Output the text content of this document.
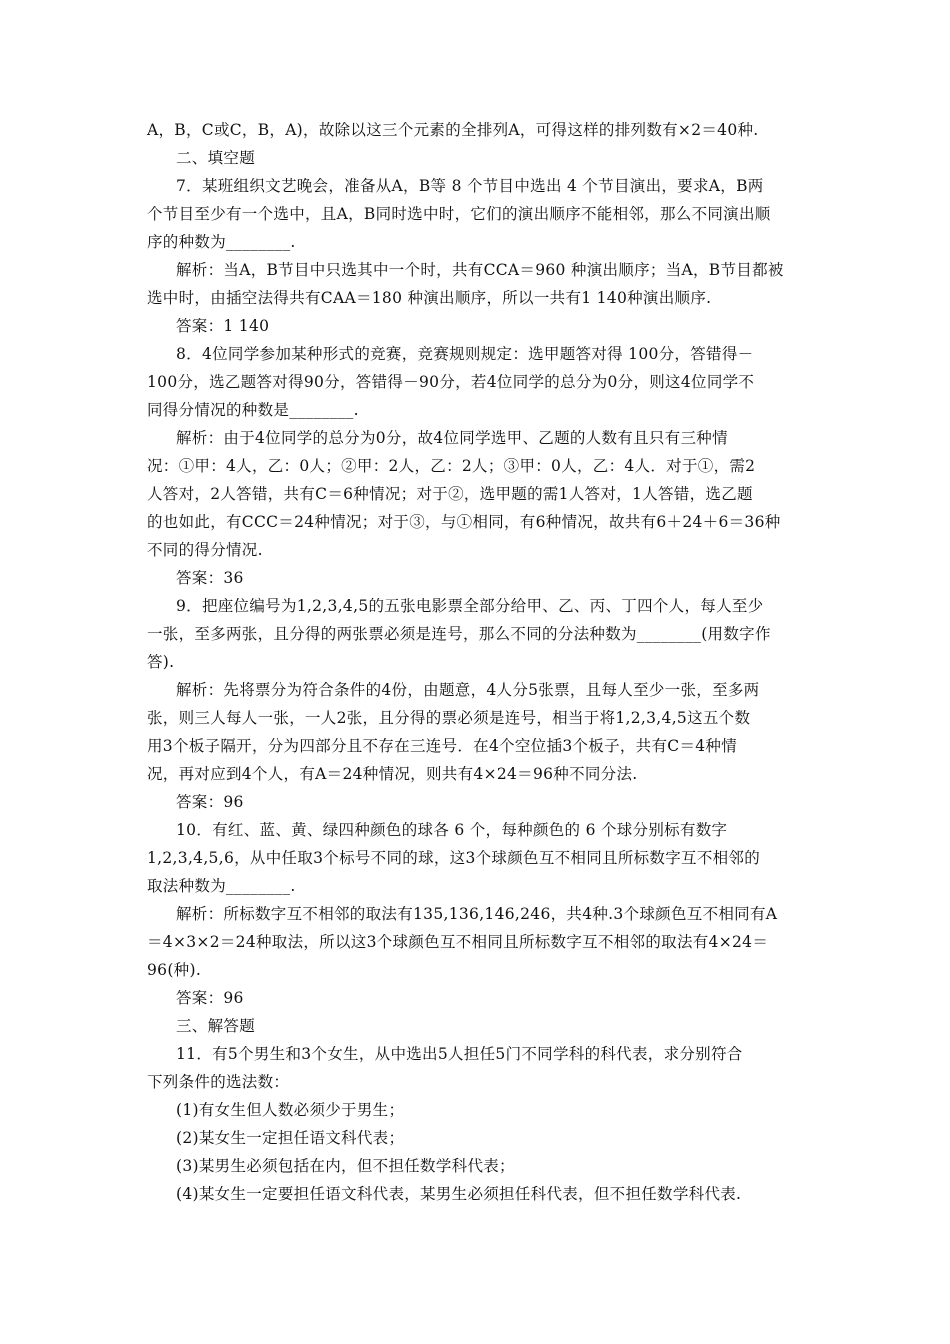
A，B，C或C，B，A)，故除以这三个元素的全排列A，可得这样的排列数有×2＝40种.
二、填空题
7．某班组织文艺晚会，准备从A，B等 8 个节目中选出 4 个节目演出，要求A，B两
个节目至少有一个选中，且A，B同时选中时，它们的演出顺序不能相邻，那么不同演出顺
序的种数为________.
解析：当A，B节目中只选其中一个时，共有CCA＝960 种演出顺序；当A，B节目都被
选中时，由插空法得共有CAA＝180 种演出顺序，所以一共有1 140种演出顺序.
答案：1 140
8．4位同学参加某种形式的竞赛，竞赛规则规定：选甲题答对得 100分，答错得－
100分，选乙题答对得90分，答错得－90分，若4位同学的总分为0分，则这4位同学不
同得分情况的种数是________.
解析：由于4位同学的总分为0分，故4位同学选甲、乙题的人数有且只有三种情
况：①甲：4人，乙：0人；②甲：2人，乙：2人；③甲：0人，乙：4人．对于①，需2
人答对，2人答错，共有C＝6种情况；对于②，选甲题的需1人答对，1人答错，选乙题
的也如此，有CCC＝24种情况；对于③，与①相同，有6种情况，故共有6＋24＋6＝36种
不同的得分情况.
答案：36
9．把座位编号为1,2,3,4,5的五张电影票全部分给甲、乙、丙、丁四个人，每人至少
一张，至多两张，且分得的两张票必须是连号，那么不同的分法种数为________(用数字作
答).
解析：先将票分为符合条件的4份，由题意，4人分5张票，且每人至少一张，至多两
张，则三人每人一张，一人2张，且分得的票必须是连号，相当于将1,2,3,4,5这五个数
用3个板子隔开，分为四部分且不存在三连号．在4个空位插3个板子，共有C＝4种情
况，再对应到4个人，有A＝24种情况，则共有4×24＝96种不同分法.
答案：96
10．有红、蓝、黄、绿四种颜色的球各 6 个，每种颜色的 6 个球分别标有数字
1,2,3,4,5,6，从中任取3个标号不同的球，这3个球颜色互不相同且所标数字互不相邻的
取法种数为________.
解析：所标数字互不相邻的取法有135,136,146,246，共4种.3个球颜色互不相同有A
＝4×3×2＝24种取法，所以这3个球颜色互不相同且所标数字互不相邻的取法有4×24＝
96(种).
答案：96
三、解答题
11．有5个男生和3个女生，从中选出5人担任5门不同学科的科代表，求分别符合
下列条件的选法数：
(1)有女生但人数必须少于男生；
(2)某女生一定担任语文科代表；
(3)某男生必须包括在内，但不担任数学科代表；
(4)某女生一定要担任语文科代表，某男生必须担任科代表，但不担任数学科代表.
